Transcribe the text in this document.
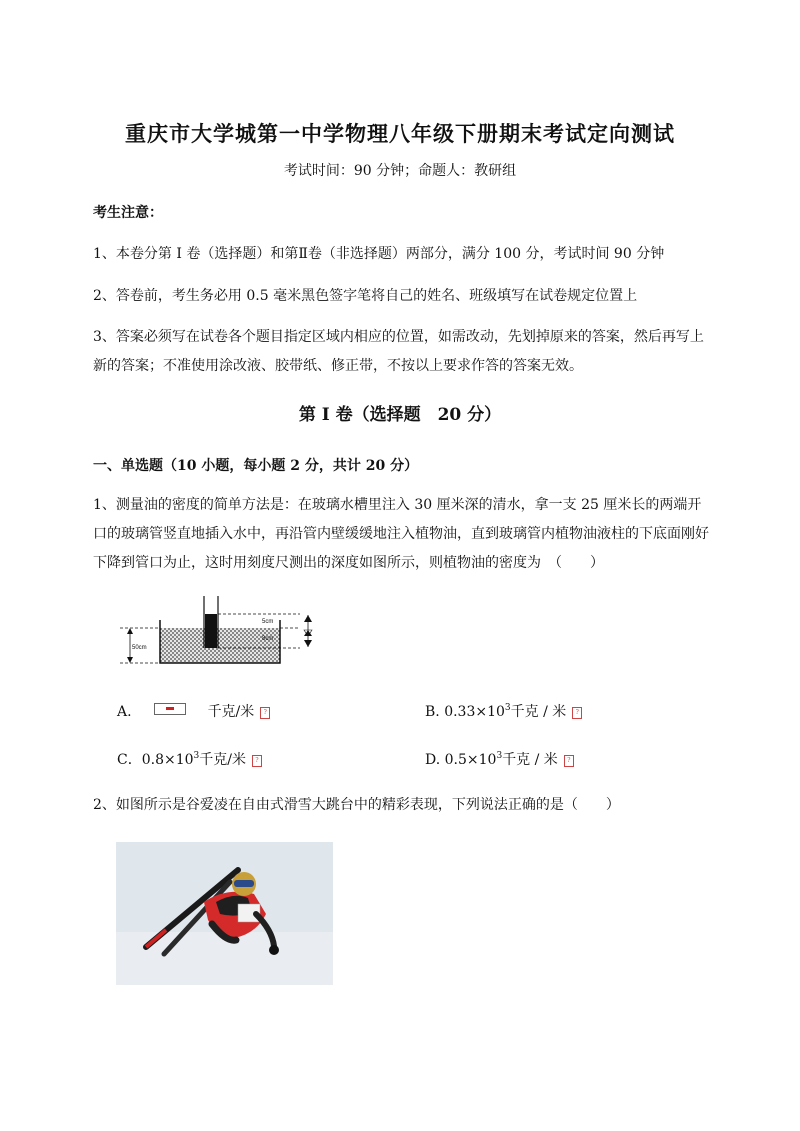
重庆市大学城第一中学物理八年级下册期末考试定向测试
考试时间：90 分钟；命题人：教研组
考生注意：
1、本卷分第 I 卷（选择题）和第Ⅱ卷（非选择题）两部分，满分 100 分，考试时间 90 分钟
2、答卷前，考生务必用 0.5 毫米黑色签字笔将自己的姓名、班级填写在试卷规定位置上
3、答案必须写在试卷各个题目指定区域内相应的位置，如需改动，先划掉原来的答案，然后再写上新的答案；不准使用涂改液、胶带纸、修正带，不按以上要求作答的答案无效。
第 I 卷（选择题　20 分）
一、单选题（10 小题，每小题 2 分，共计 20 分）
1、测量油的密度的简单方法是：在玻璃水槽里注入 30 厘米深的清水，拿一支 25 厘米长的两端开口的玻璃管竖直地插入水中，再沿管内壁缓缓地注入植物油，直到玻璃管内植物油液柱的下底面刚好下降到管口为止，这时用刻度尺测出的深度如图所示，则植物油的密度为　（　　）
50cm
5cm
8cm
A.	千克/米 ?	B. $0.33\times 10^3$千克 / 米 ?
C．$0.8\times 10^3$千克/米 ?	D. $0.5\times 10^3$千克 / 米 ?
2、如图所示是谷爱凌在自由式滑雪大跳台中的精彩表现，下列说法正确的是（　　）
